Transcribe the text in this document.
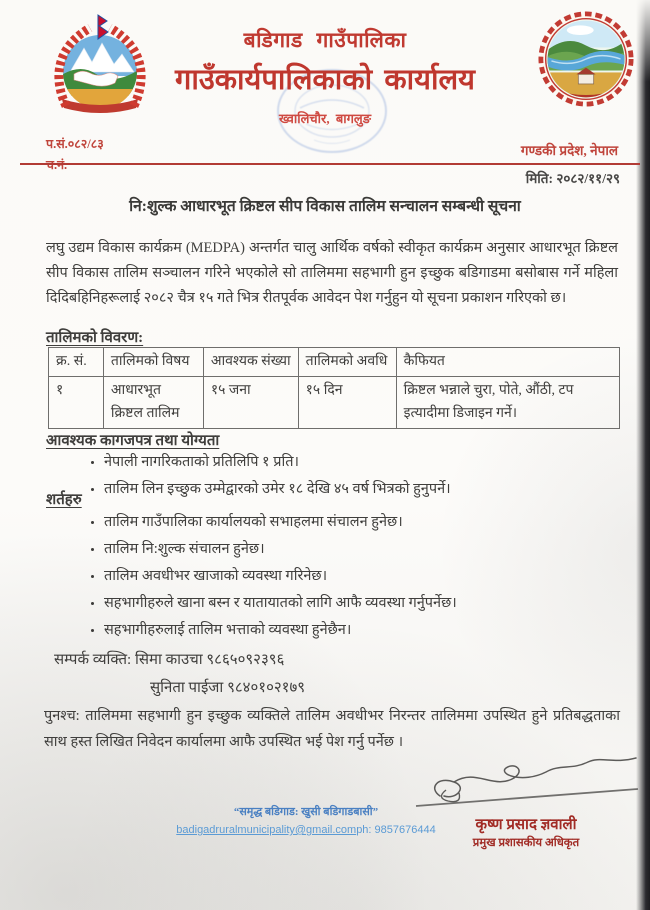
बडिगाड गाउँपालिका
गाउँकार्यपालिकाको कार्यालय
ख्वालिचौर, बागलुङ
प.सं.०८२/८३
च.नं.
गण्डकी प्रदेश, नेपाल
मिति: २०८२/११/२९
नि:शुल्क आधारभूत क्रिष्टल सीप विकास तालिम सन्चालन सम्बन्धी सूचना

लघु उद्यम विकास कार्यक्रम (MEDPA) अन्तर्गत चालु आर्थिक वर्षको स्वीकृत कार्यक्रम अनुसार आधारभूत क्रिष्टल सीप विकास तालिम सञ्चालन गरिने भएकोले सो तालिममा सहभागी हुन इच्छुक बडिगाडमा बसोबास गर्ने महिला दिदिबहिनिहरूलाई २०८२ चैत्र १५ गते भित्र रीतपूर्वक आवेदन पेश गर्नुहुन यो सूचना प्रकाशन गरिएको छ।

तालिमको विवरण:
क्र. सं.	तालिमको विषय	आवश्यक संख्या	तालिमको अवधि	कैफियत
१	आधारभूत क्रिष्टल तालिम	१५ जना	१५ दिन	क्रिष्टल भन्नाले चुरा, पोते, औंठी, टप इत्यादीमा डिजाइन गर्ने।
आवश्यक कागजपत्र तथा योग्यता
• नेपाली नागरिकताको प्रतिलिपि १ प्रति।
• तालिम लिन इच्छुक उम्मेद्वारको उमेर १८ देखि ४५ वर्ष भित्रको हुनुपर्ने।
शर्तहरु
• तालिम गाउँपालिका कार्यालयको सभाहलमा संचालन हुनेछ।
• तालिम नि:शुल्क संचालन हुनेछ।
• तालिम अवधीभर खाजाको व्यवस्था गरिनेछ।
• सहभागीहरुले खाना बस्न र यातायातको लागि आफै व्यवस्था गर्नुपर्नेछ।
• सहभागीहरुलाई तालिम भत्ताको व्यवस्था हुनेछैन।
सम्पर्क व्यक्ति: सिमा काउचा ९८६५०९२३९६
सुनिता पाईजा ९८४०१०२१७९

पुनश्च: तालिममा सहभागी हुन इच्छुक व्यक्तिले तालिम अवधीभर निरन्तर तालिममा उपस्थित हुने प्रतिबद्धताका साथ हस्त लिखित निवेदन कार्यालमा आफै उपस्थित भई पेश गर्नु पर्नेछ ।

कृष्ण प्रसाद ज्ञवाली
प्रमुख प्रशासकीय अधिकृत
“समृद्ध बडिगाड: खुसी बडिगाडबासी”
badigadruralmunicipality@gmail.comph: 9857676444
